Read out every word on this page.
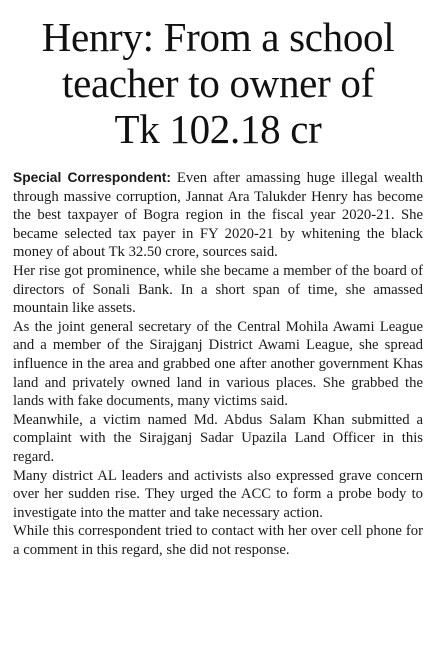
Henry: From a school
teacher to owner of
Tk 102.18 cr

Special Correspondent: Even after amassing huge illegal wealth through massive corruption, Jannat Ara Talukder Henry has become the best taxpayer of Bogra region in the fiscal year 2020-21. She became selected tax payer in FY 2020-21 by whitening the black money of about Tk 32.50 crore, sources said.

Her rise got prominence, while she became a member of the board of directors of Sonali Bank. In a short span of time, she amassed mountain like assets.

As the joint general secretary of the Central Mohila Awami League and a member of the Sirajganj District Awami League, she spread influence in the area and grabbed one after another government Khas land and privately owned land in various places. She grabbed the lands with fake documents, many victims said.

Meanwhile, a victim named Md. Abdus Salam Khan submitted a complaint with the Sirajganj Sadar Upazila Land Officer in this regard.

Many district AL leaders and activists also expressed grave concern over her sudden rise. They urged the ACC to form a probe body to investigate into the matter and take necessary action.

While this correspondent tried to contact with her over cell phone for a comment in this regard, she did not response.
